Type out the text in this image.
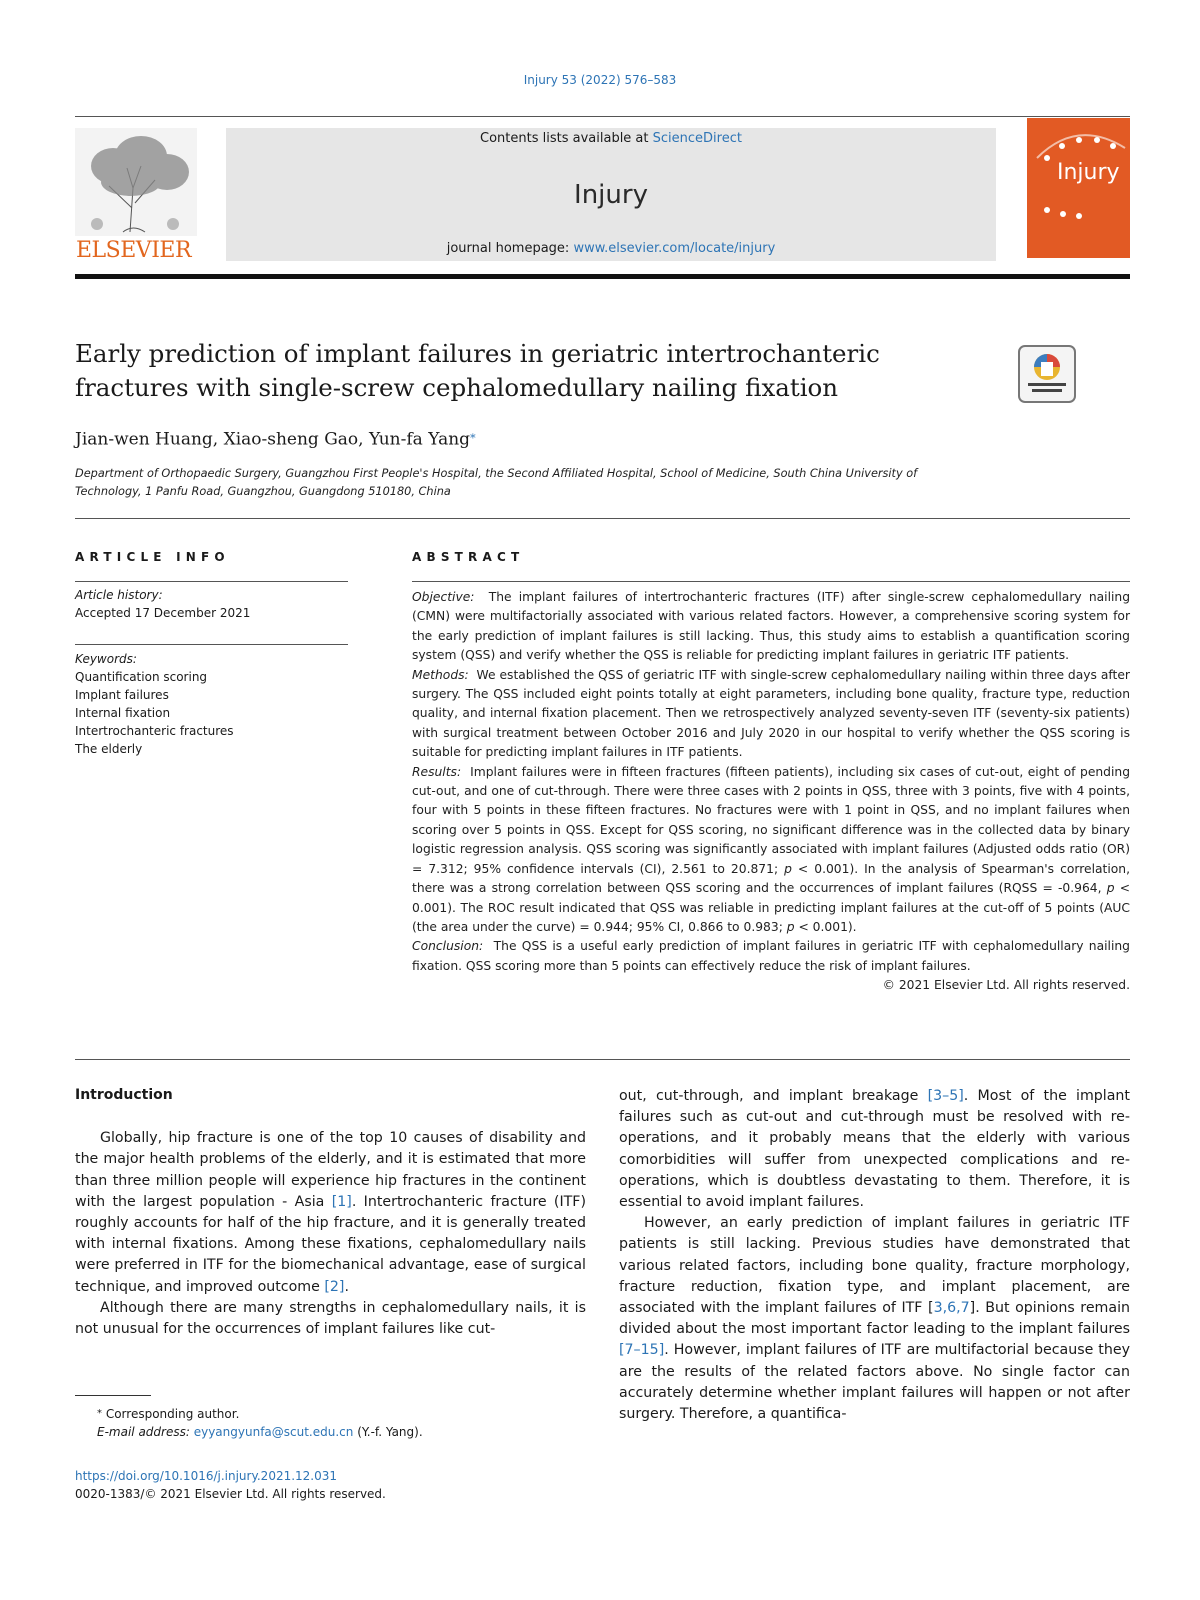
Injury 53 (2022) 576–583
ELSEVIER
Contents lists available at ScienceDirect
Injury
journal homepage: www.elsevier.com/locate/injury
Injury
Early prediction of implant failures in geriatric intertrochanteric
fractures with single-screw cephalomedullary nailing fixation
Jian-wen Huang, Xiao-sheng Gao, Yun-fa Yang⁎
Department of Orthopaedic Surgery, Guangzhou First People's Hospital, the Second Affiliated Hospital, School of Medicine, South China University of
Technology, 1 Panfu Road, Guangzhou, Guangdong 510180, China
ARTICLE INFO	ABSTRACT
Article history:
Accepted 17 December 2021
Keywords:
Quantification scoring
Implant failures
Internal fixation
Intertrochanteric fractures
The elderly

Objective: The implant failures of intertrochanteric fractures (ITF) after single-screw cephalomedullary nailing (CMN) were multifactorially associated with various related factors. However, a comprehensive scoring system for the early prediction of implant failures is still lacking. Thus, this study aims to establish a quantification scoring system (QSS) and verify whether the QSS is reliable for predicting implant failures in geriatric ITF patients.

Methods: We established the QSS of geriatric ITF with single-screw cephalomedullary nailing within three days after surgery. The QSS included eight points totally at eight parameters, including bone quality, fracture type, reduction quality, and internal fixation placement. Then we retrospectively analyzed seventy-seven ITF (seventy-six patients) with surgical treatment between October 2016 and July 2020 in our hospital to verify whether the QSS scoring is suitable for predicting implant failures in ITF patients.

Results: Implant failures were in fifteen fractures (fifteen patients), including six cases of cut-out, eight of pending cut-out, and one of cut-through. There were three cases with 2 points in QSS, three with 3 points, five with 4 points, four with 5 points in these fifteen fractures. No fractures were with 1 point in QSS, and no implant failures when scoring over 5 points in QSS. Except for QSS scoring, no significant difference was in the collected data by binary logistic regression analysis. QSS scoring was significantly associated with implant failures (Adjusted odds ratio (OR) = 7.312; 95% confidence intervals (CI), 2.561 to 20.871; p < 0.001). In the analysis of Spearman's correlation, there was a strong correlation between QSS scoring and the occurrences of implant failures (RQSS = -0.964, p < 0.001). The ROC result indicated that QSS was reliable in predicting implant failures at the cut-off of 5 points (AUC (the area under the curve) = 0.944; 95% CI, 0.866 to 0.983; p < 0.001).

Conclusion: The QSS is a useful early prediction of implant failures in geriatric ITF with cephalomedullary nailing fixation. QSS scoring more than 5 points can effectively reduce the risk of implant failures.

© 2021 Elsevier Ltd. All rights reserved.

Introduction

Globally, hip fracture is one of the top 10 causes of disability and the major health problems of the elderly, and it is estimated that more than three million people will experience hip fractures in the continent with the largest population - Asia [1]. Intertrochanteric fracture (ITF) roughly accounts for half of the hip fracture, and it is generally treated with internal fixations. Among these fixations, cephalomedullary nails were preferred in ITF for the biomechanical advantage, ease of surgical technique, and improved outcome [2].

Although there are many strengths in cephalomedullary nails, it is not unusual for the occurrences of implant failures like cut-

out, cut-through, and implant breakage [3–5]. Most of the implant failures such as cut-out and cut-through must be resolved with re-operations, and it probably means that the elderly with various comorbidities will suffer from unexpected complications and re-operations, which is doubtless devastating to them. Therefore, it is essential to avoid implant failures.

However, an early prediction of implant failures in geriatric ITF patients is still lacking. Previous studies have demonstrated that various related factors, including bone quality, fracture morphology, fracture reduction, fixation type, and implant placement, are associated with the implant failures of ITF [3,6,7]. But opinions remain divided about the most important factor leading to the implant failures [7–15]. However, implant failures of ITF are multifactorial because they are the results of the related factors above. No single factor can accurately determine whether implant failures will happen or not after surgery. Therefore, a quantifica-

⁎ Corresponding author.
E-mail address: eyyangyunfa@scut.edu.cn (Y.-f. Yang).
https://doi.org/10.1016/j.injury.2021.12.031
0020-1383/© 2021 Elsevier Ltd. All rights reserved.
